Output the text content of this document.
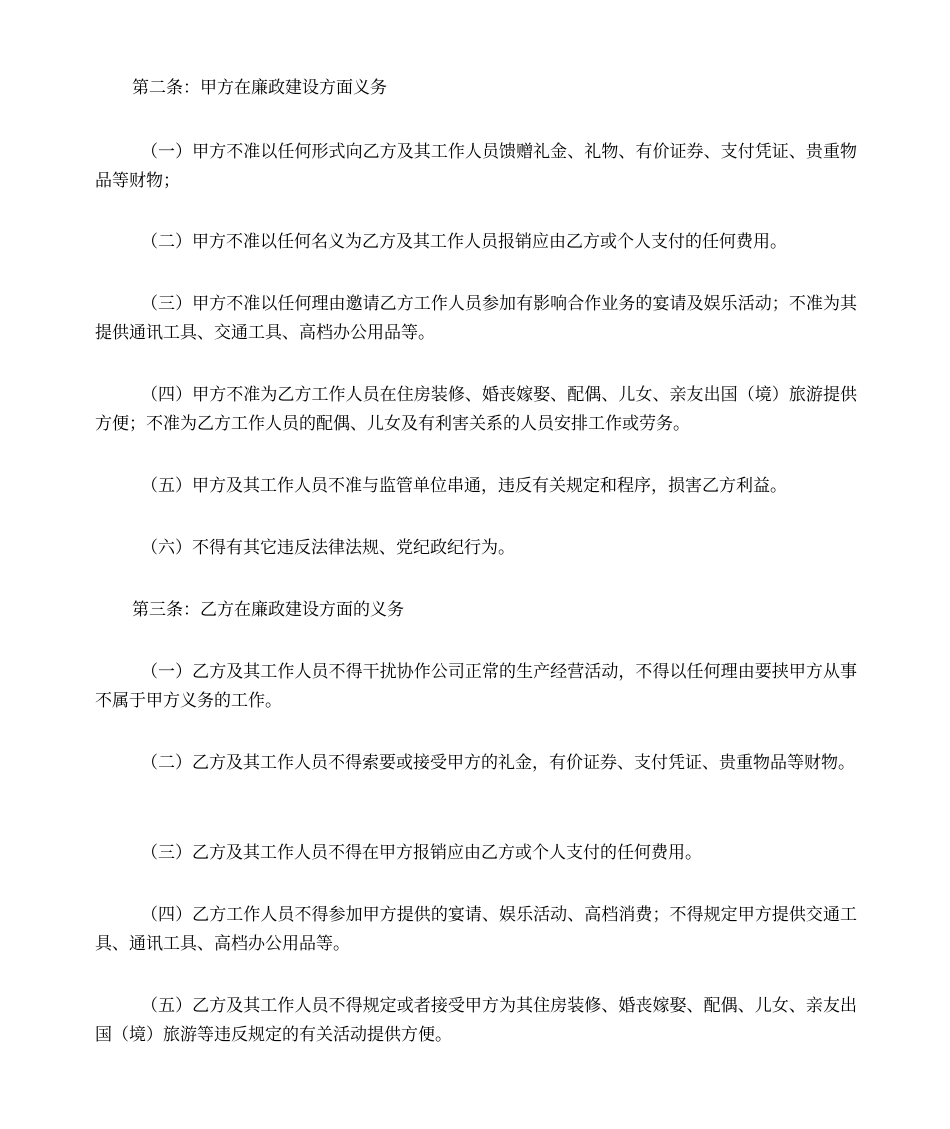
第二条：甲方在廉政建设方面义务

（一）甲方不准以任何形式向乙方及其工作人员馈赠礼金、礼物、有价证券、支付凭证、贵重物品等财物；

（二）甲方不准以任何名义为乙方及其工作人员报销应由乙方或个人支付的任何费用。

（三）甲方不准以任何理由邀请乙方工作人员参加有影响合作业务的宴请及娱乐活动；不准为其提供通讯工具、交通工具、高档办公用品等。

（四）甲方不准为乙方工作人员在住房装修、婚丧嫁娶、配偶、儿女、亲友出国（境）旅游提供方便；不准为乙方工作人员的配偶、儿女及有利害关系的人员安排工作或劳务。

（五）甲方及其工作人员不准与监管单位串通，违反有关规定和程序，损害乙方利益。

（六）不得有其它违反法律法规、党纪政纪行为。

第三条：乙方在廉政建设方面的义务

（一）乙方及其工作人员不得干扰协作公司正常的生产经营活动，不得以任何理由要挟甲方从事不属于甲方义务的工作。

（二）乙方及其工作人员不得索要或接受甲方的礼金，有价证券、支付凭证、贵重物品等财物。

（三）乙方及其工作人员不得在甲方报销应由乙方或个人支付的任何费用。

（四）乙方工作人员不得参加甲方提供的宴请、娱乐活动、高档消费；不得规定甲方提供交通工具、通讯工具、高档办公用品等。

（五）乙方及其工作人员不得规定或者接受甲方为其住房装修、婚丧嫁娶、配偶、儿女、亲友出国（境）旅游等违反规定的有关活动提供方便。
